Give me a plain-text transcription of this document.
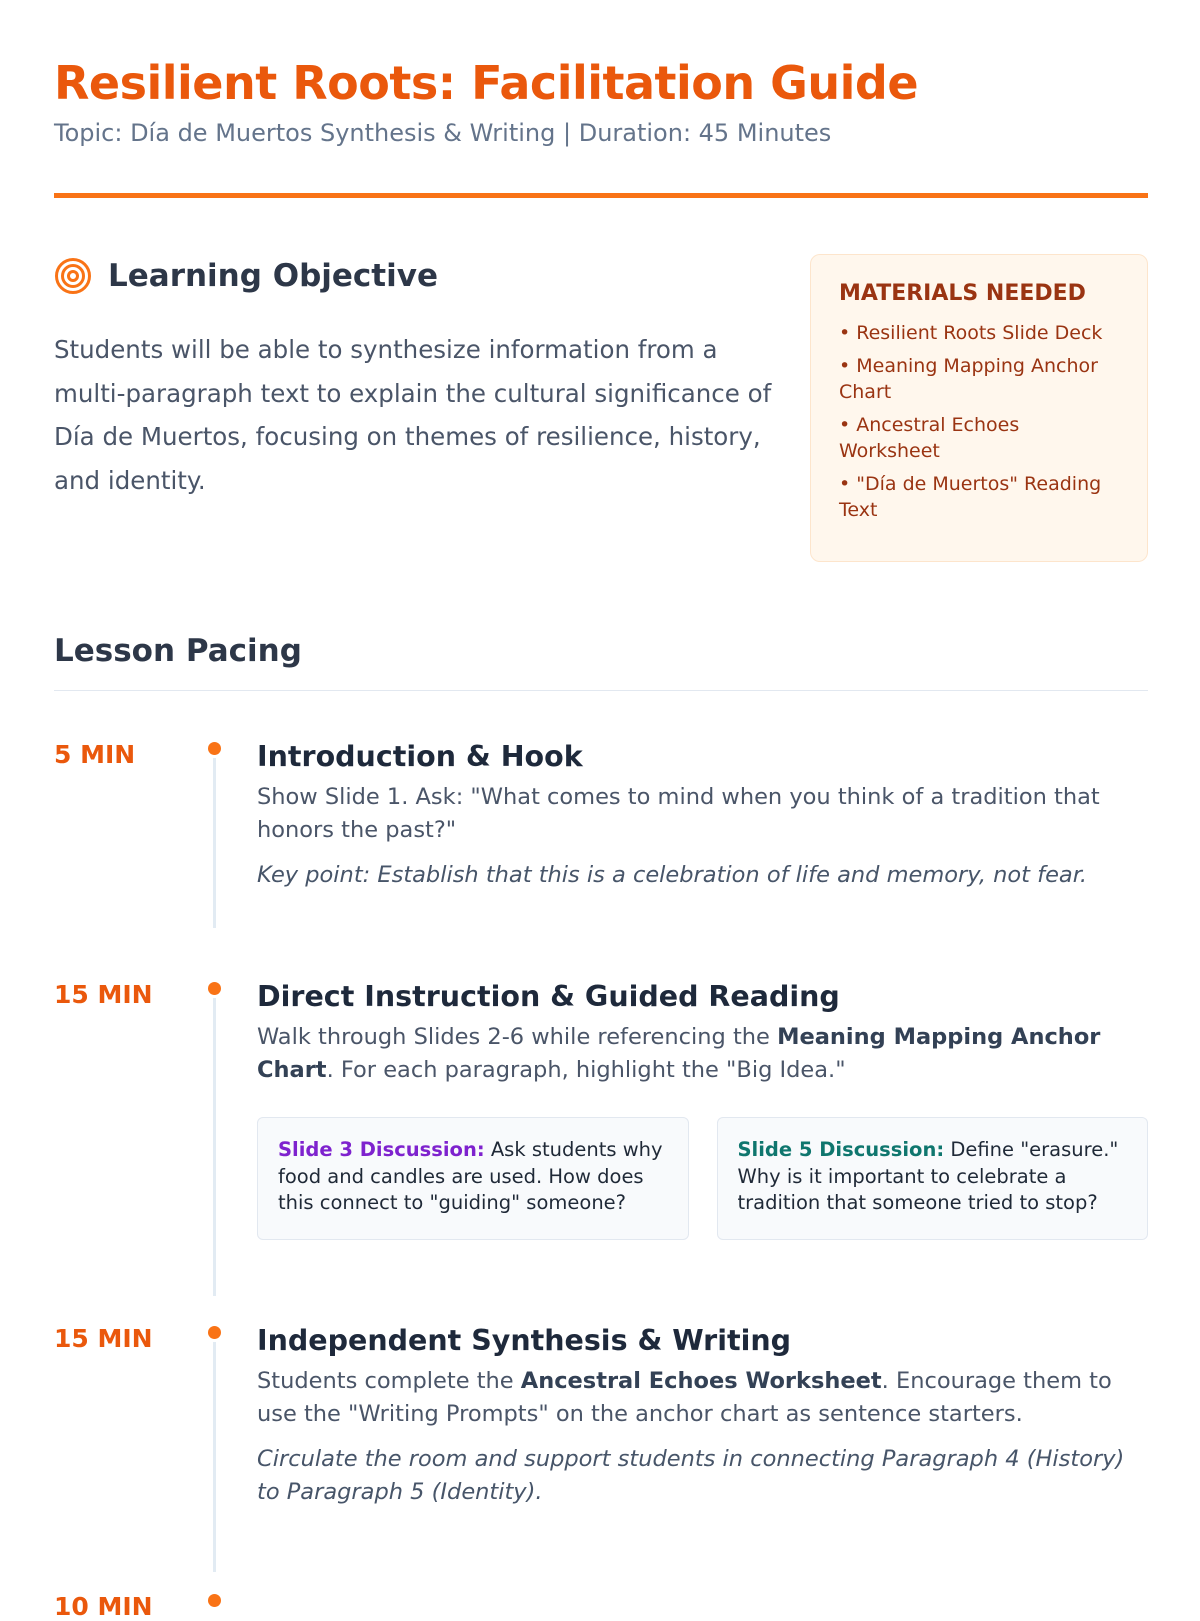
Resilient Roots: Facilitation Guide
Topic: Día de Muertos Synthesis & Writing | Duration: 45 Minutes
Learning Objective
Students will be able to synthesize information from a multi-paragraph text to explain the cultural significance of Día de Muertos, focusing on themes of resilience, history, and identity.
MATERIALS NEEDED
• Resilient Roots Slide Deck
• Meaning Mapping Anchor Chart
• Ancestral Echoes Worksheet
• "Día de Muertos" Reading Text
Lesson Pacing
5 MIN	Introduction & Hook
Show Slide 1. Ask: "What comes to mind when you think of a tradition that honors the past?"
Key point: Establish that this is a celebration of life and memory, not fear.
15 MIN	Direct Instruction & Guided Reading
Walk through Slides 2-6 while referencing the Meaning Mapping Anchor Chart. For each paragraph, highlight the "Big Idea."
Slide 3 Discussion: Ask students why food and candles are used. How does this connect to "guiding" someone?
Slide 5 Discussion: Define "erasure." Why is it important to celebrate a tradition that someone tried to stop?
15 MIN	Independent Synthesis & Writing
Students complete the Ancestral Echoes Worksheet. Encourage them to use the "Writing Prompts" on the anchor chart as sentence starters.
Circulate the room and support students in connecting Paragraph 4 (History) to Paragraph 5 (Identity).
10 MIN
